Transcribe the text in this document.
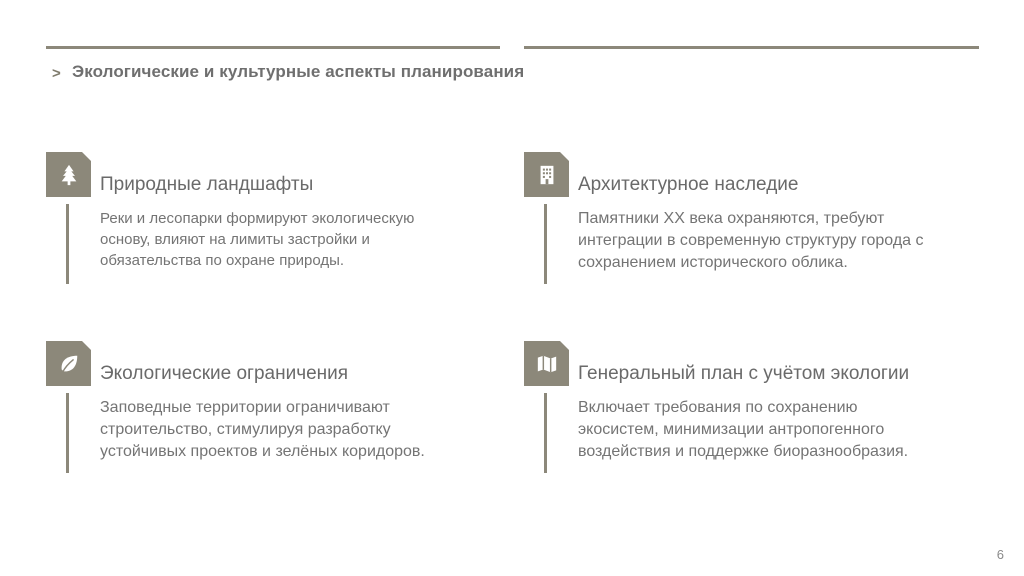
> Экологические и культурные аспекты планирования
Природные ландшафты
Реки и лесопарки формируют экологическую
основу, влияют на лимиты застройки и
обязательства по охране природы.
Архитектурное наследие
Памятники XX века охраняются, требуют
интеграции в современную структуру города с
сохранением исторического облика.
Экологические ограничения
Заповедные территории ограничивают
строительство, стимулируя разработку
устойчивых проектов и зелёных коридоров.
Генеральный план с учётом экологии
Включает требования по сохранению
экосистем, минимизации антропогенного
воздействия и поддержке биоразнообразия.
6
